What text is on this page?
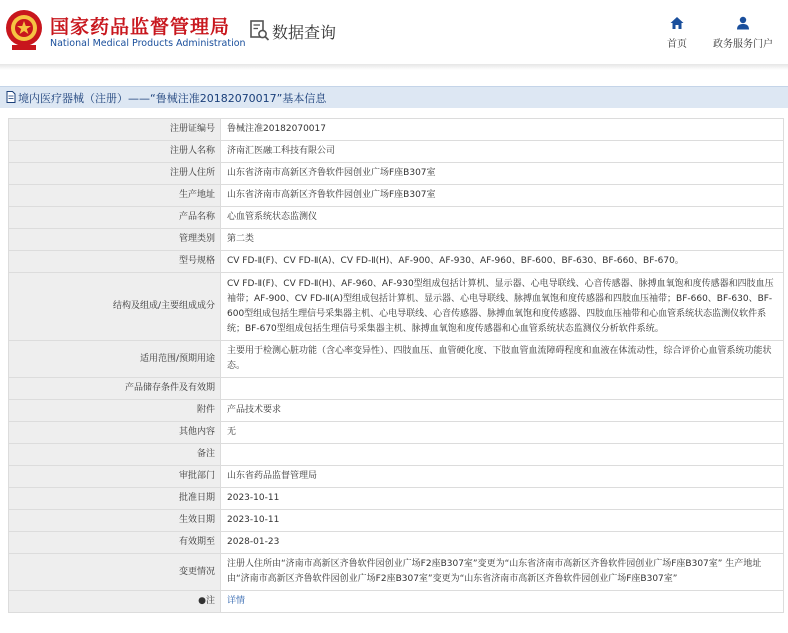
国家药品监督管理局
National Medical Products Administration
数据查询
首页	政务服务门户
境内医疗器械（注册）——“鲁械注准20182070017”基本信息
注册证编号	鲁械注准20182070017
注册人名称	济南汇医融工科技有限公司
注册人住所	山东省济南市高新区齐鲁软件园创业广场F座B307室
生产地址	山东省济南市高新区齐鲁软件园创业广场F座B307室
产品名称	心血管系统状态监测仪
管理类别	第二类
型号规格	CV FD-Ⅱ(F)、CV FD-Ⅱ(A)、CV FD-Ⅱ(H)、AF-900、AF-930、AF-960、BF-600、BF-630、BF-660、BF-670。
结构及组成/主要组成成分	CV FD-Ⅱ(F)、CV FD-Ⅱ(H)、AF-960、AF-930型组成包括计算机、显示器、心电导联线、心音传感器、脉搏血氧饱和度传感器和四肢血压袖带；AF-900、CV FD-Ⅱ(A)型组成包括计算机、显示器、心电导联线、脉搏血氧饱和度传感器和四肢血压袖带；BF-660、BF-630、BF-600型组成包括生理信号采集器主机、心电导联线、心音传感器、脉搏血氧饱和度传感器、四肢血压袖带和心血管系统状态监测仪软件系统；BF-670型组成包括生理信号采集器主机、脉搏血氧饱和度传感器和心血管系统状态监测仪分析软件系统。
适用范围/预期用途	主要用于检测心脏功能（含心率变异性）、四肢血压、血管硬化度、下肢血管血流障碍程度和血液在体流动性，综合评价心血管系统功能状态。
产品储存条件及有效期	
附件	产品技术要求
其他内容	无
备注	
审批部门	山东省药品监督管理局
批准日期	2023-10-11
生效日期	2023-10-11
有效期至	2028-01-23
变更情况	注册人住所由“济南市高新区齐鲁软件园创业广场F2座B307室”变更为“山东省济南市高新区齐鲁软件园创业广场F座B307室” 生产地址由“济南市高新区齐鲁软件园创业广场F2座B307室”变更为“山东省济南市高新区齐鲁软件园创业广场F座B307室”
●注	详情
